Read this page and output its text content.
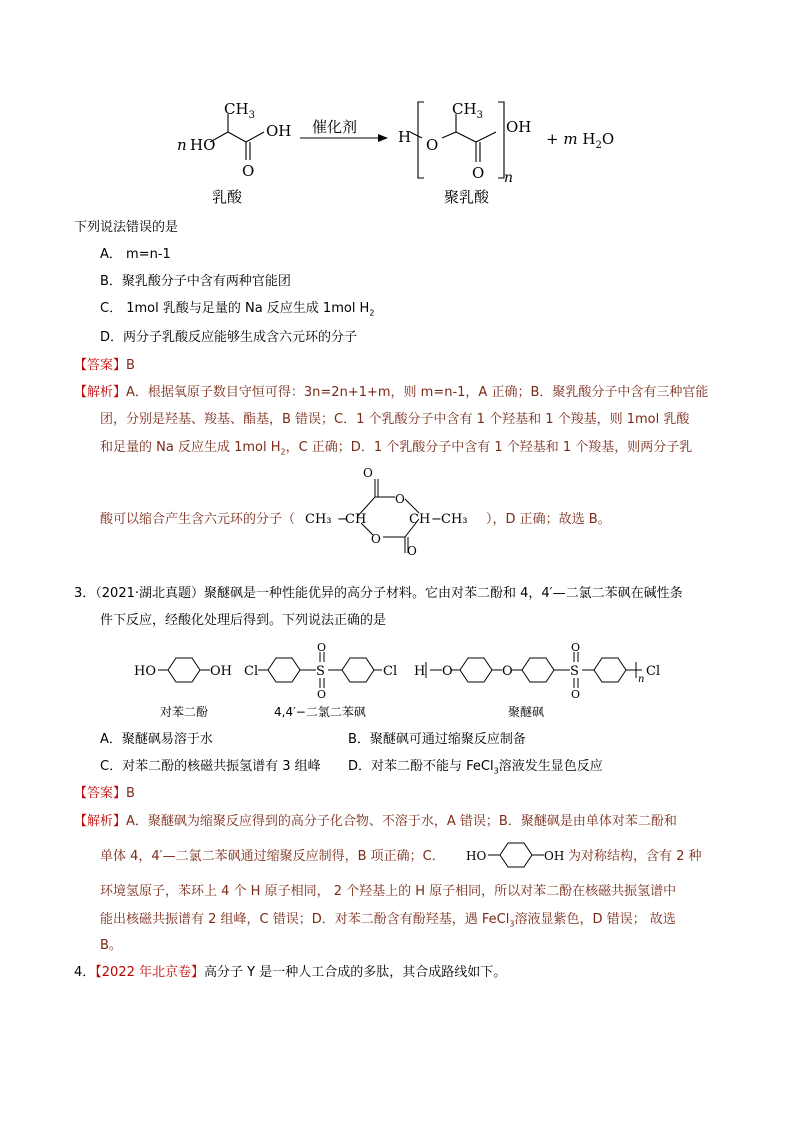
n HO
$CH_3$
OH
O
催化剂
H O
$CH_3$
O
OH
n
+ m $H_2O$
乳酸	聚乳酸
下列说法错误的是
A． m=n-1
B．聚乳酸分子中含有两种官能团
C． 1mol 乳酸与足量的 Na 反应生成 1mol $H_2$
D．两分子乳酸反应能够生成含六元环的分子
【答案】B
【解析】A．根据氧原子数目守恒可得：3n=2n+1+m，则 m=n-1，A 正确；B．聚乳酸分子中含有三种官能
团，分别是羟基、羧基、酯基，B 错误；C．1 个乳酸分子中含有 1 个羟基和 1 个羧基，则 1mol 乳酸
和足量的 Na 反应生成 1mol $H_2$，C 正确；D．1 个乳酸分子中含有 1 个羟基和 1 个羧基，则两分子乳
酸可以缩合产生含六元环的分子（
O
O
O
O
CH₃ −
CH	CH − CH₃ ），D 正确；故选 B。
3．（2021·湖北真题）聚醚砜是一种性能优异的高分子材料。它由对苯二酚和 4，4′—二氯二苯砜在碱性条
件下反应，经酸化处理后得到。下列说法正确的是
HO	OH Cl	S
O
O
Cl H O	O	S
O
O
n
Cl
对苯二酚	4,4′−二氯二苯砜	聚醚砜
A．聚醚砜易溶于水	B．聚醚砜可通过缩聚反应制备
C．对苯二酚的核磁共振氢谱有 3 组峰 D．对苯二酚不能与 FeCl$_3$溶液发生显色反应
【答案】B
【解析】A．聚醚砜为缩聚反应得到的高分子化合物、不溶于水，A 错误；B．聚醚砜是由单体对苯二酚和
单体 4，4′—二氯二苯砜通过缩聚反应制得，B 项正确；C． HO	OH 为对称结构，含有 2 种
环境氢原子，苯环上 4 个 H 原子相同， 2 个羟基上的 H 原子相同，所以对苯二酚在核磁共振氢谱中
能出核磁共振谱有 2 组峰，C 错误；D．对苯二酚含有酚羟基，遇 FeCl$_3$溶液显紫色，D 错误； 故选
B。
4．【2022 年北京卷】高分子 Y 是一种人工合成的多肽，其合成路线如下。
